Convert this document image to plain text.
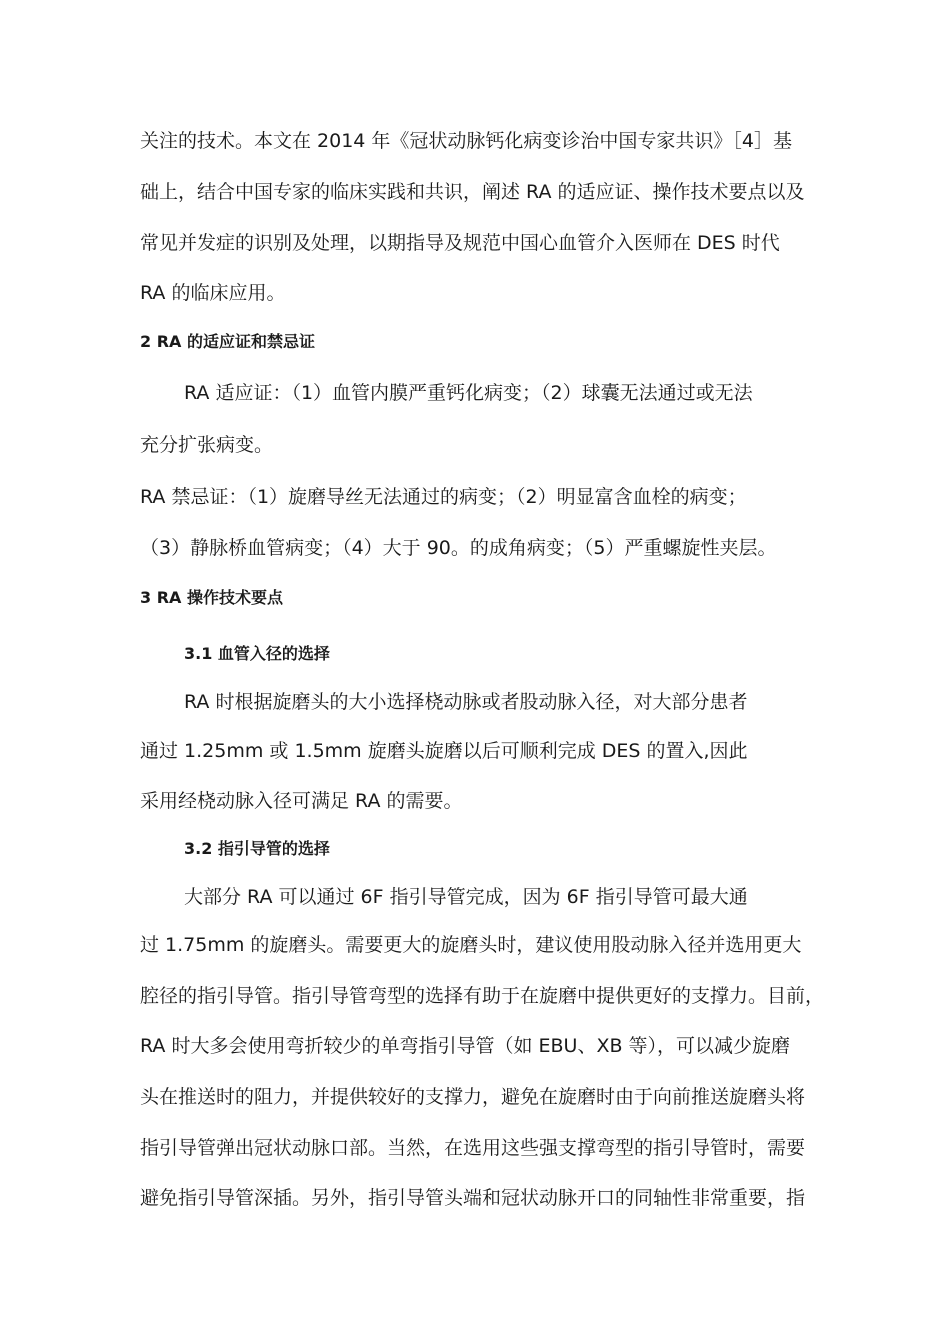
关注的技术。本文在 2014 年《冠状动脉钙化病变诊治中国专家共识》［4］基
础上，结合中国专家的临床实践和共识，阐述 RA 的适应证、操作技术要点以及
常见并发症的识别及处理，以期指导及规范中国心血管介入医师在 DES 时代
RA 的临床应用。
2 RA 的适应证和禁忌证
RA 适应证：（1）血管内膜严重钙化病变；（2）球囊无法通过或无法
充分扩张病变。
RA 禁忌证：（1）旋磨导丝无法通过的病变；（2）明显富含血栓的病变；
（3）静脉桥血管病变；（4）大于 90。的成角病变；（5）严重螺旋性夹层。
3 RA 操作技术要点
3.1 血管入径的选择
RA 时根据旋磨头的大小选择桡动脉或者股动脉入径，对大部分患者
通过 1.25mm 或 1.5mm 旋磨头旋磨以后可顺利完成 DES 的置入,因此
采用经桡动脉入径可满足 RA 的需要。
3.2 指引导管的选择
大部分 RA 可以通过 6F 指引导管完成，因为 6F 指引导管可最大通
过 1.75mm 的旋磨头。需要更大的旋磨头时，建议使用股动脉入径并选用更大
腔径的指引导管。指引导管弯型的选择有助于在旋磨中提供更好的支撑力。目前，
RA 时大多会使用弯折较少的单弯指引导管（如 EBU、XB 等），可以减少旋磨
头在推送时的阻力，并提供较好的支撑力，避免在旋磨时由于向前推送旋磨头将
指引导管弹出冠状动脉口部。当然，在选用这些强支撑弯型的指引导管时，需要
避免指引导管深插。另外，指引导管头端和冠状动脉开口的同轴性非常重要，指
